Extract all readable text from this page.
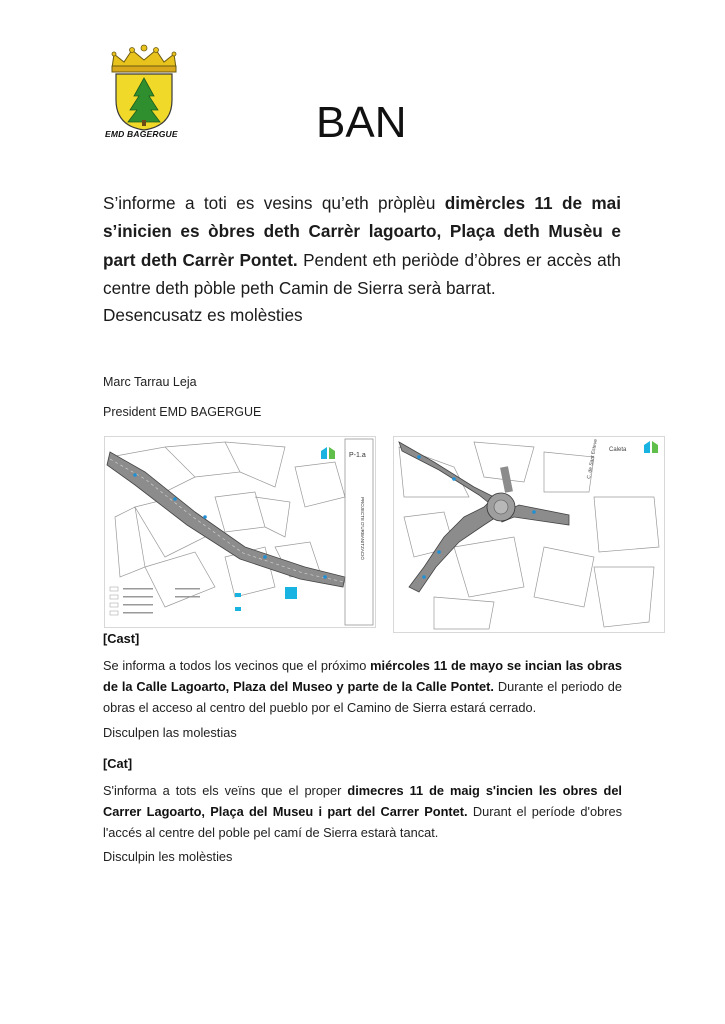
EMD BAGERGUE	BAN
S’informe a toti es vesins qu’eth pròplèu dimèrcles 11 de mai s’inicien es òbres deth Carrèr lagoarto, Plaça deth Musèu e part deth Carrèr Pontet. Pendent eth periòde d’òbres er accès ath centre deth pòble peth Camin de Sierra serà barrat.
Desencusatz es molèsties
Marc Tarrau Leja
President EMD BAGERGUE
P-1.a
PROJECTE D'URBANITZACIÓ
Caleta
C. de Sant Esteve
[Cast]
Se informa a todos los vecinos que el próximo miércoles 11 de mayo se incian las obras de la Calle Lagoarto, Plaza del Museo y parte de la Calle Pontet. Durante el periodo de obras el acceso al centro del pueblo por el Camino de Sierra estará cerrado.
Disculpen las molestias
[Cat]
S'informa a tots els veïns que el proper dimecres 11 de maig s'incien les obres del Carrer Lagoarto, Plaça del Museu i part del Carrer Pontet. Durant el període d'obres l'accés al centre del poble pel camí de Sierra estarà tancat.
Disculpin les molèsties
